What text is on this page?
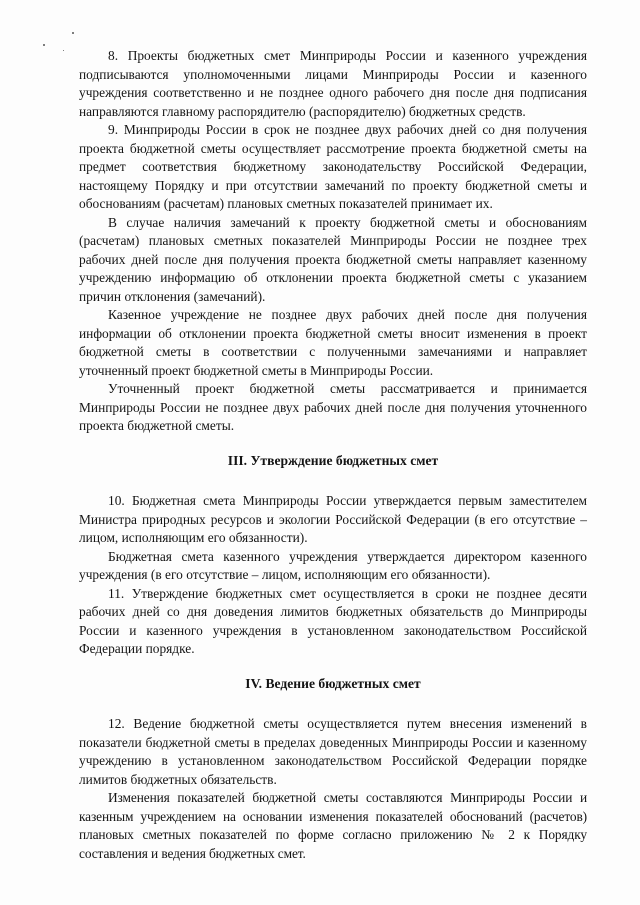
8. Проекты бюджетных смет Минприроды России и казенного учреждения подписываются уполномоченными лицами Минприроды России и казенного учреждения соответственно и не позднее одного рабочего дня после дня подписания направляются главному распорядителю (распорядителю) бюджетных средств.

9. Минприроды России в срок не позднее двух рабочих дней со дня получения проекта бюджетной сметы осуществляет рассмотрение проекта бюджетной сметы на предмет соответствия бюджетному законодательству Российской Федерации, настоящему Порядку и при отсутствии замечаний по проекту бюджетной сметы и обоснованиям (расчетам) плановых сметных показателей принимает их.

В случае наличия замечаний к проекту бюджетной сметы и обоснованиям (расчетам) плановых сметных показателей Минприроды России не позднее трех рабочих дней после дня получения проекта бюджетной сметы направляет казенному учреждению информацию об отклонении проекта бюджетной сметы с указанием причин отклонения (замечаний).

Казенное учреждение не позднее двух рабочих дней после дня получения информации об отклонении проекта бюджетной сметы вносит изменения в проект бюджетной сметы в соответствии с полученными замечаниями и направляет уточненный проект бюджетной сметы в Минприроды России.

Уточненный проект бюджетной сметы рассматривается и принимается Минприроды России не позднее двух рабочих дней после дня получения уточненного проекта бюджетной сметы.

III. Утверждение бюджетных смет

10. Бюджетная смета Минприроды России утверждается первым заместителем Министра природных ресурсов и экологии Российской Федерации (в его отсутствие – лицом, исполняющим его обязанности).

Бюджетная смета казенного учреждения утверждается директором казенного учреждения (в его отсутствие – лицом, исполняющим его обязанности).

11. Утверждение бюджетных смет осуществляется в сроки не позднее десяти рабочих дней со дня доведения лимитов бюджетных обязательств до Минприроды России и казенного учреждения в установленном законодательством Российской Федерации порядке.

IV. Ведение бюджетных смет

12. Ведение бюджетной сметы осуществляется путем внесения изменений в показатели бюджетной сметы в пределах доведенных Минприроды России и казенному учреждению в установленном законодательством Российской Федерации порядке лимитов бюджетных обязательств.

Изменения показателей бюджетной сметы составляются Минприроды России и казенным учреждением на основании изменения показателей обоснований (расчетов) плановых сметных показателей по форме согласно приложению № 2 к Порядку составления и ведения бюджетных смет.
